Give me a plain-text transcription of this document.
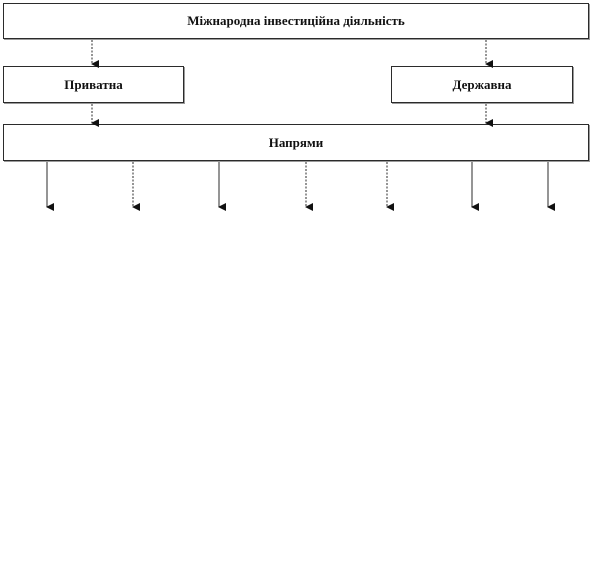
Міжнародна інвестиційна діяльність
Приватна	Державна
Напрями
